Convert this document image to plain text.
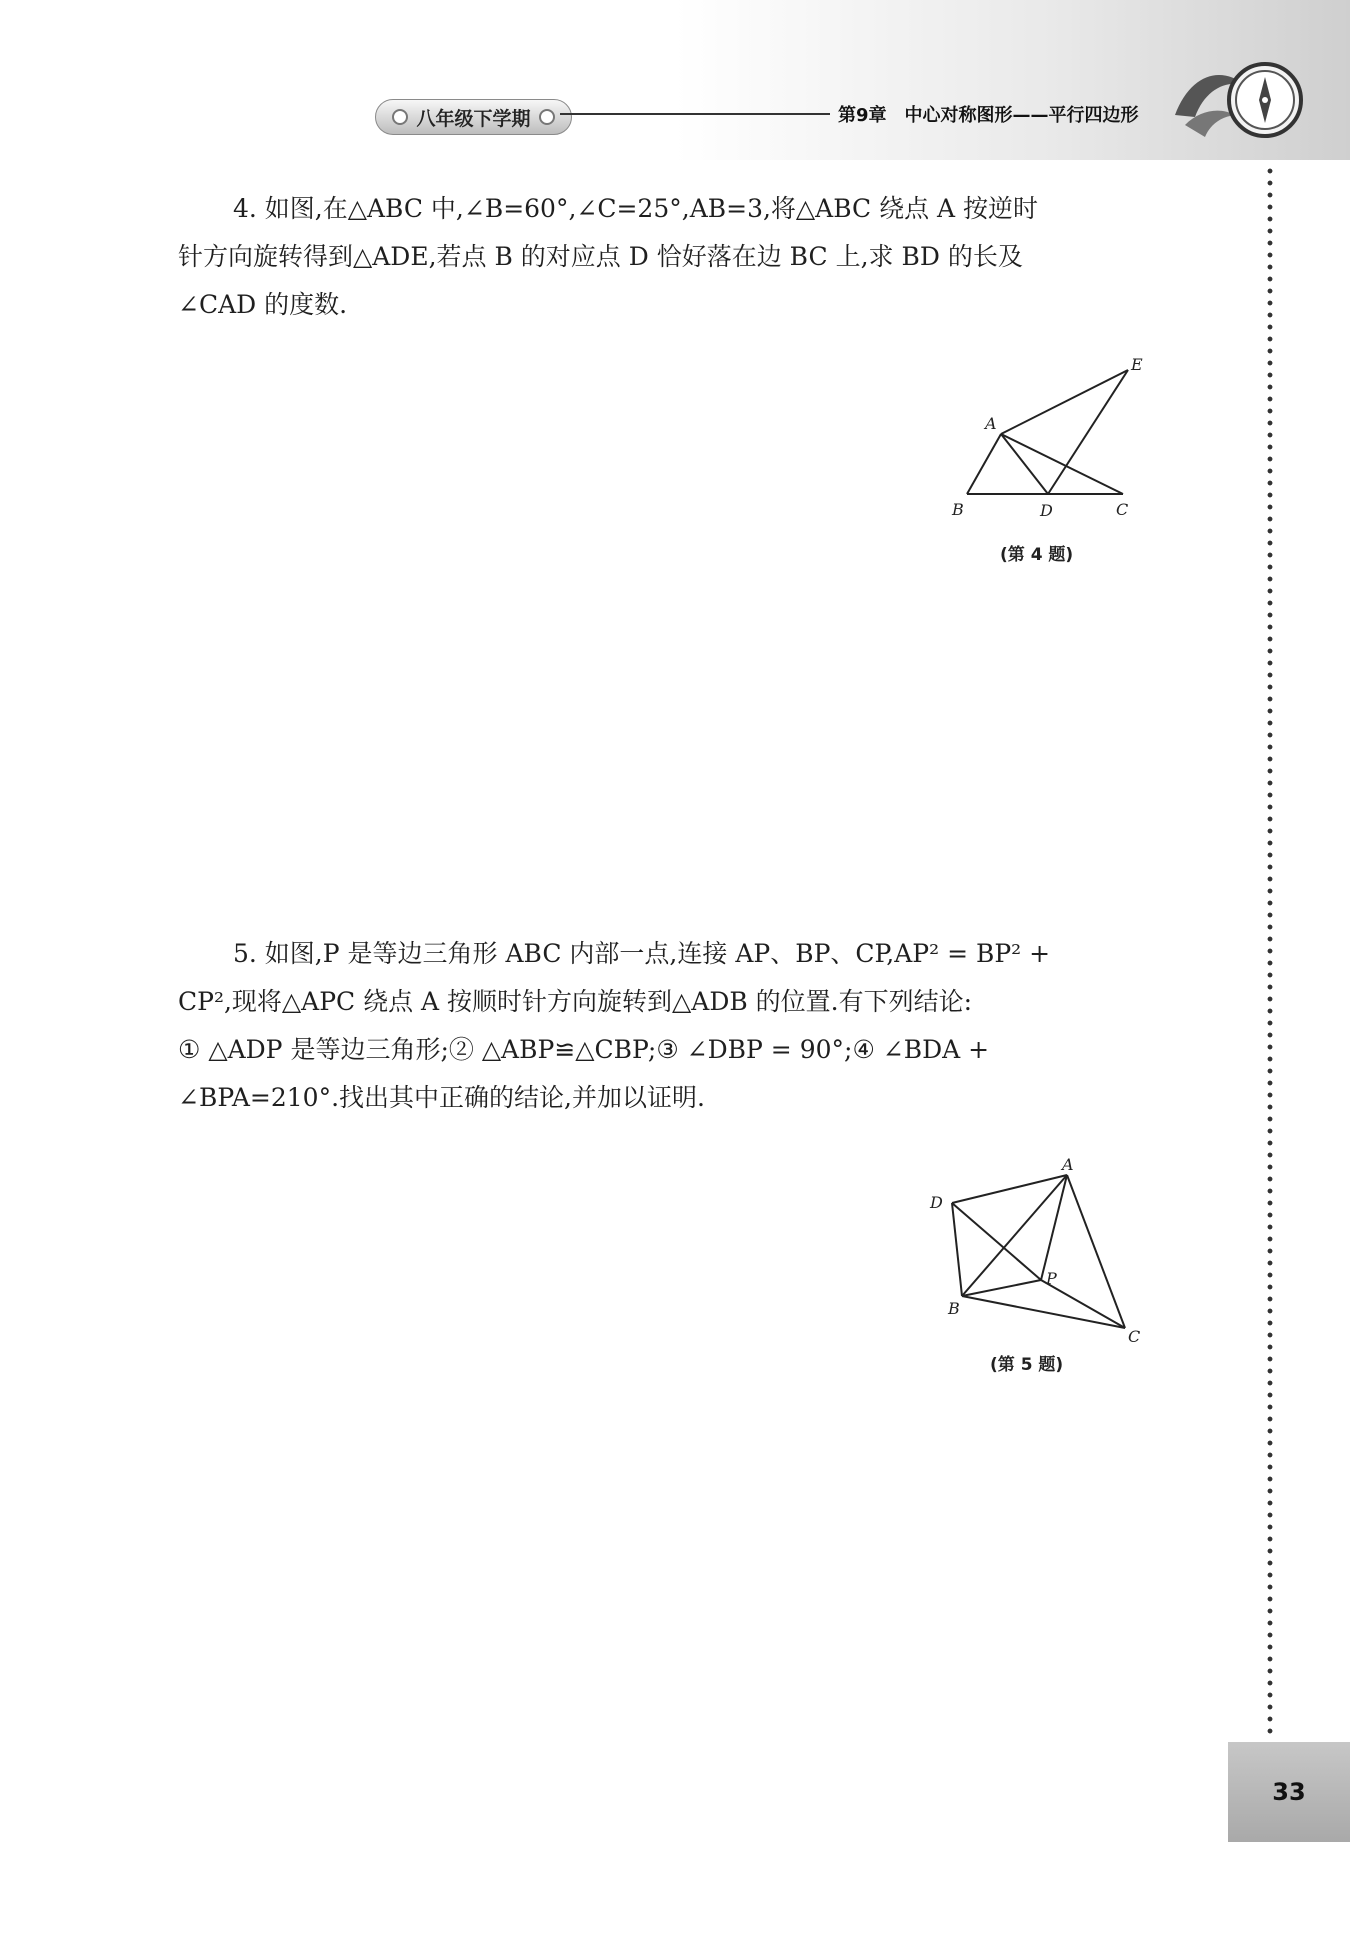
八年级下学期	第9章 中心对称图形——平行四边形

4. 如图,在△ABC 中,∠B=60°,∠C=25°,AB=3,将△ABC 绕点 A 按逆时

针方向旋转得到△ADE,若点 B 的对应点 D 恰好落在边 BC 上,求 BD 的长及

∠CAD 的度数.

A
E
B	D	C
(第 4 题)

5. 如图,P 是等边三角形 ABC 内部一点,连接 AP、BP、CP,AP² = BP² +

CP²,现将△APC 绕点 A 按顺时针方向旋转到△ADB 的位置.有下列结论:

① △ADP 是等边三角形;② △ABP≌△CBP;③ ∠DBP = 90°;④ ∠BDA +

∠BPA=210°.找出其中正确的结论,并加以证明.

A
D
P
B
C
(第 5 题)
33
